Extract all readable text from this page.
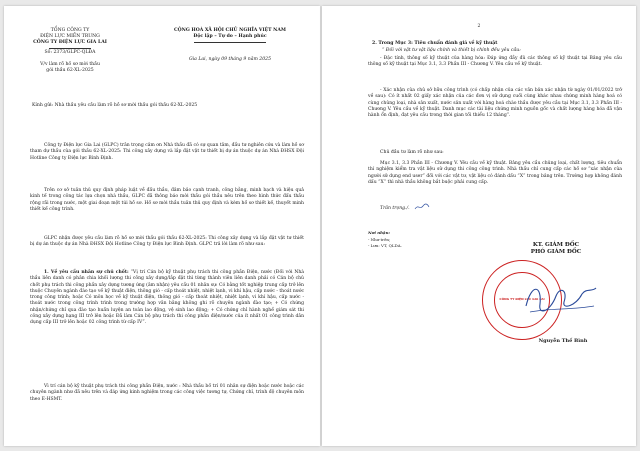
TỔNG CÔNG TY
ĐIỆN LỰC MIỀN TRUNG
CÔNG TY ĐIỆN LỰC GIA LAI
Số: 2373/GLPC-QLĐA
CỘNG HOÀ XÃ HỘI CHỦ NGHĨA VIỆT NAM
Độc lập – Tự do – Hạnh phúc
V/v làm rõ hồ sơ mời thầu
gói thầu 62-XL-2025
Gia Lai, ngày 09 tháng 9 năm 2025
Kính gửi: Nhà thầu yêu cầu làm rõ hồ sơ mời thầu gói thầu 62-XL-2025
Công ty Điện lực Gia Lai (GLPC) trân trọng cảm ơn Nhà thầu đã có sự quan tâm, đầu tư nghiên cứu và làm hồ sơ tham dự thầu của gói thầu 62-XL-2025: Thi công xây dựng và lắp đặt vật tư thiết bị dự án thuộc dự án Nhà ĐHSX Đội Hotline Công ty Điện lực Bình Định.
Trên cơ sở tuân thủ quy định pháp luật về đấu thầu, đảm bảo cạnh tranh, công bằng, minh bạch và hiệu quả kinh tế trong công tác lựa chọn nhà thầu, GLPC đã thông báo mời thầu gói thầu nêu trên theo hình thức đấu thầu rộng rãi trong nước, một giai đoạn một túi hồ sơ. Hồ sơ mời thầu tuân thủ quy định và kèm hồ sơ thiết kế, thuyết minh thiết kế công trình.
GLPC nhận được yêu cầu làm rõ hồ sơ mời thầu gói thầu 62-XL-2025: Thi công xây dựng và lắp đặt vật tư thiết bị dự án thuộc dự án Nhà ĐHSX Đội Hotline Công ty Điện lực Bình Định. GLPC trả lời làm rõ như sau:
1. Về yêu cầu nhân sự chủ chốt: “Vị trí Cán bộ kỹ thuật phụ trách thi công phần Điện, nước (Đối với Nhà thầu liên danh có phân chia khối lượng thi công xây dựng/lắp đặt thì từng thành viên liên danh phải có Cán bộ chủ chốt phụ trách thi công phần xây dựng tương ứng (âm nhận) yêu cầu 01 nhân sự: Có bằng tốt nghiệp trung cấp trở lên thuộc Chuyên ngành đào tạo về kỹ thuật điện, thông gió - cấp thoát nhiệt, nhiệt lạnh, vi khí hậu, cấp nước - thoát nước trong công trình; hoặc Có môn học về kỹ thuật điện, thông gió - cấp thoát nhiệt, nhiệt lạnh, vi khí hậu, cấp nước - thoát nước trong công trình trình trong trường hợp văn bằng không ghi rõ chuyên ngành đào tạo; + Có chứng nhận/chứng chỉ qua đào tạo huấn luyện an toàn lao động, vệ sinh lao động; + Có chứng chỉ hành nghề giám sát thi công xây dựng hạng III trở lên hoặc Đã làm Cán bộ phụ trách thi công phần điện/nước của ít nhất 01 công trình dân dụng cấp III trở lên hoặc 02 công trình từ cấp IV”.
Vì trí cán bộ kỹ thuật phụ trách thi công phần Điện, nước : Nhà thầu bố trí 01 nhân sự điện hoặc nước hoặc các chuyên ngành như đã nêu trên và đáp ứng kinh nghiệm trong các công việc tương tự, Chứng chỉ, trình độ chuyên môn theo E-HSMT.
2
2. Trong Mục 3: Tiêu chuẩn đánh giá về kỹ thuật
“ Đối với vật tư vật liệu chính và thiết bị chính đều yêu cầu:
- Đặc tính, thông số kỹ thuật của hàng hóa: Đáp ứng đầy đủ các thông số kỹ thuật tại Bảng yêu cầu thông số kỹ thuật tại Mục 3.1, 3.3 Phần III - Chương V. Yêu cầu về kỹ thuật.
- Xác nhận của chủ sở hữu công trình (có chấp nhận của các văn bản xác nhận từ ngày 01/01/2022 trở về sau): Có ít nhất 02 giấy xác nhận của các đơn vị sử dụng cuối cùng khác nhau chứng minh hàng hoá có cùng chủng loại, nhà sản xuất, nước sản xuất với hàng hoá chào thầu được yêu cầu tại Mục 3.1, 3.3 Phần III - Chương V. Yêu cầu về kỹ thuật. Danh mục các tài liệu chứng minh nguồn gốc và chất lượng hàng hóa đã vận hành ổn định, đạt yêu cầu trong thời gian tối thiểu 12 tháng”.
Chủ đầu tư làm rõ như sau:
Mục 3.1, 3.3 Phần III - Chương V. Yêu cầu về kỹ thuật. Bảng yêu cầu chủng loại, chất lượng, tiêu chuẩn thí nghiệm kiểm tra vật liệu sử dụng thi công công trình. Nhà thầu chỉ cung cấp các hồ sơ “xác nhận của người sử dụng end user” đối với các vật tư, vật liệu có đánh dấu “X” trong bảng trên. Trường hợp không đánh dấu “X” thì nhà thầu không bắt buộc phải cung cấp.
Trân trọng./.
Nơi nhận:
- Như trên;
- Lưu: VT, QLDA.	KT. GIÁM ĐỐC
PHÓ GIÁM ĐỐC
CÔNG TY ĐIỆN LỰC GIA LAI
Nguyễn Thế Bình
